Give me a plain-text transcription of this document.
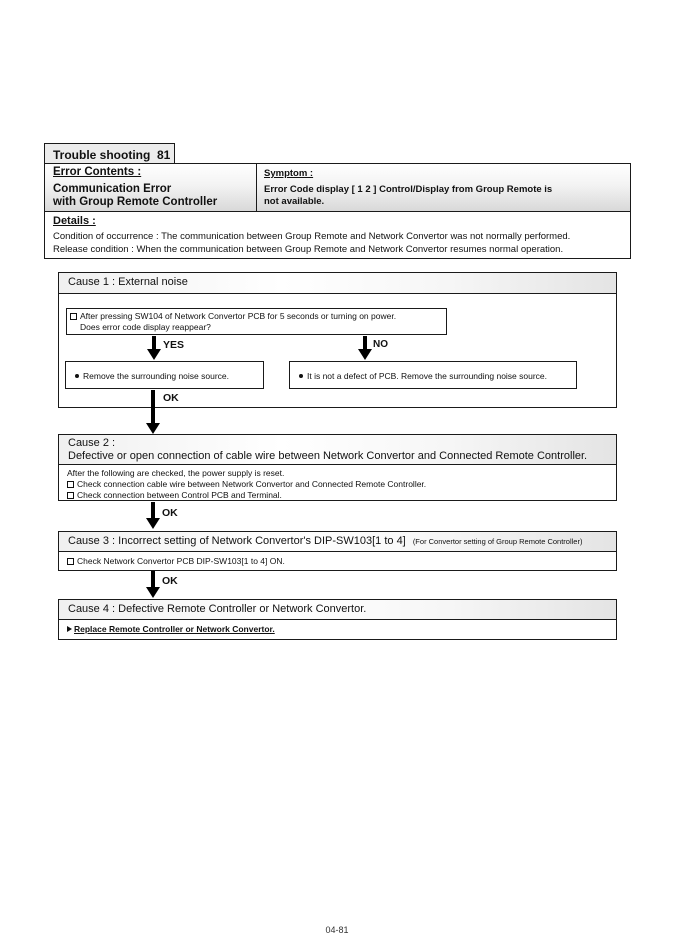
Trouble shooting 81
Error Contents :
Communication Error
with Group Remote Controller
Symptom :
Error Code display [ 1 2 ] Control/Display from Group Remote is
not available.
Details :
Condition of occurrence : The communication between Group Remote and Network Convertor was not normally performed.
Release condition : When the communication between Group Remote and Network Convertor resumes normal operation.
Cause 1 : External noise
After pressing SW104 of Network Convertor PCB for 5 seconds or turning on power.
Does error code display reappear?
YES	NO
Remove the surrounding noise source.	It is not a defect of PCB. Remove the surrounding noise source.
OK
Cause 2 :
Defective or open connection of cable wire between Network Convertor and Connected Remote Controller.
After the following are checked, the power supply is reset.
Check connection cable wire between Network Convertor and Connected Remote Controller.
Check connection between Control PCB and Terminal.
OK
Cause 3 : Incorrect setting of Network Convertor's DIP-SW103[1 to 4] (For Convertor setting of Group Remote Controller)
Check Network Convertor PCB DIP-SW103[1 to 4] ON.
OK
Cause 4 : Defective Remote Controller or Network Convertor.
Replace Remote Controller or Network Convertor.
04-81
